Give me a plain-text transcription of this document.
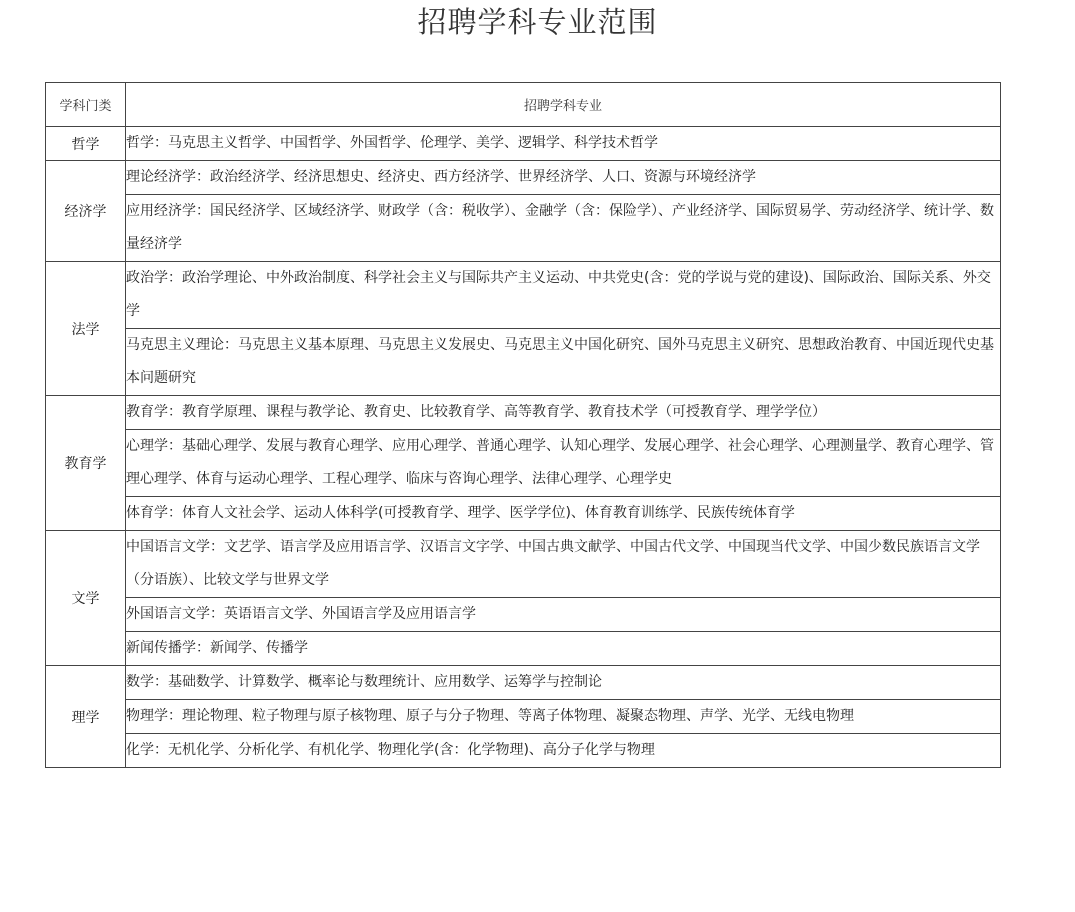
招聘学科专业范围
学科门类	招聘学科专业
哲学	哲学：马克思主义哲学、中国哲学、外国哲学、伦理学、美学、逻辑学、科学技术哲学
经济学	理论经济学：政治经济学、经济思想史、经济史、西方经济学、世界经济学、人口、资源与环境经济学
	应用经济学：国民经济学、区域经济学、财政学（含：税收学）、金融学（含：保险学）、产业经济学、国际贸易学、劳动经济学、统计学、数量经济学
法学	政治学：政治学理论、中外政治制度、科学社会主义与国际共产主义运动、中共党史(含：党的学说与党的建设)、国际政治、国际关系、外交学
	马克思主义理论：马克思主义基本原理、马克思主义发展史、马克思主义中国化研究、国外马克思主义研究、思想政治教育、中国近现代史基本问题研究
教育学	教育学：教育学原理、课程与教学论、教育史、比较教育学、高等教育学、教育技术学（可授教育学、理学学位）
	心理学：基础心理学、发展与教育心理学、应用心理学、普通心理学、认知心理学、发展心理学、社会心理学、心理测量学、教育心理学、管理心理学、体育与运动心理学、工程心理学、临床与咨询心理学、法律心理学、心理学史
	体育学：体育人文社会学、运动人体科学(可授教育学、理学、医学学位)、体育教育训练学、民族传统体育学
文学	中国语言文学：文艺学、语言学及应用语言学、汉语言文字学、中国古典文献学、中国古代文学、中国现当代文学、中国少数民族语言文学（分语族）、比较文学与世界文学
	外国语言文学：英语语言文学、外国语言学及应用语言学
	新闻传播学：新闻学、传播学
理学	数学：基础数学、计算数学、概率论与数理统计、应用数学、运筹学与控制论
	物理学：理论物理、粒子物理与原子核物理、原子与分子物理、等离子体物理、凝聚态物理、声学、光学、无线电物理
	化学：无机化学、分析化学、有机化学、物理化学(含：化学物理)、高分子化学与物理
